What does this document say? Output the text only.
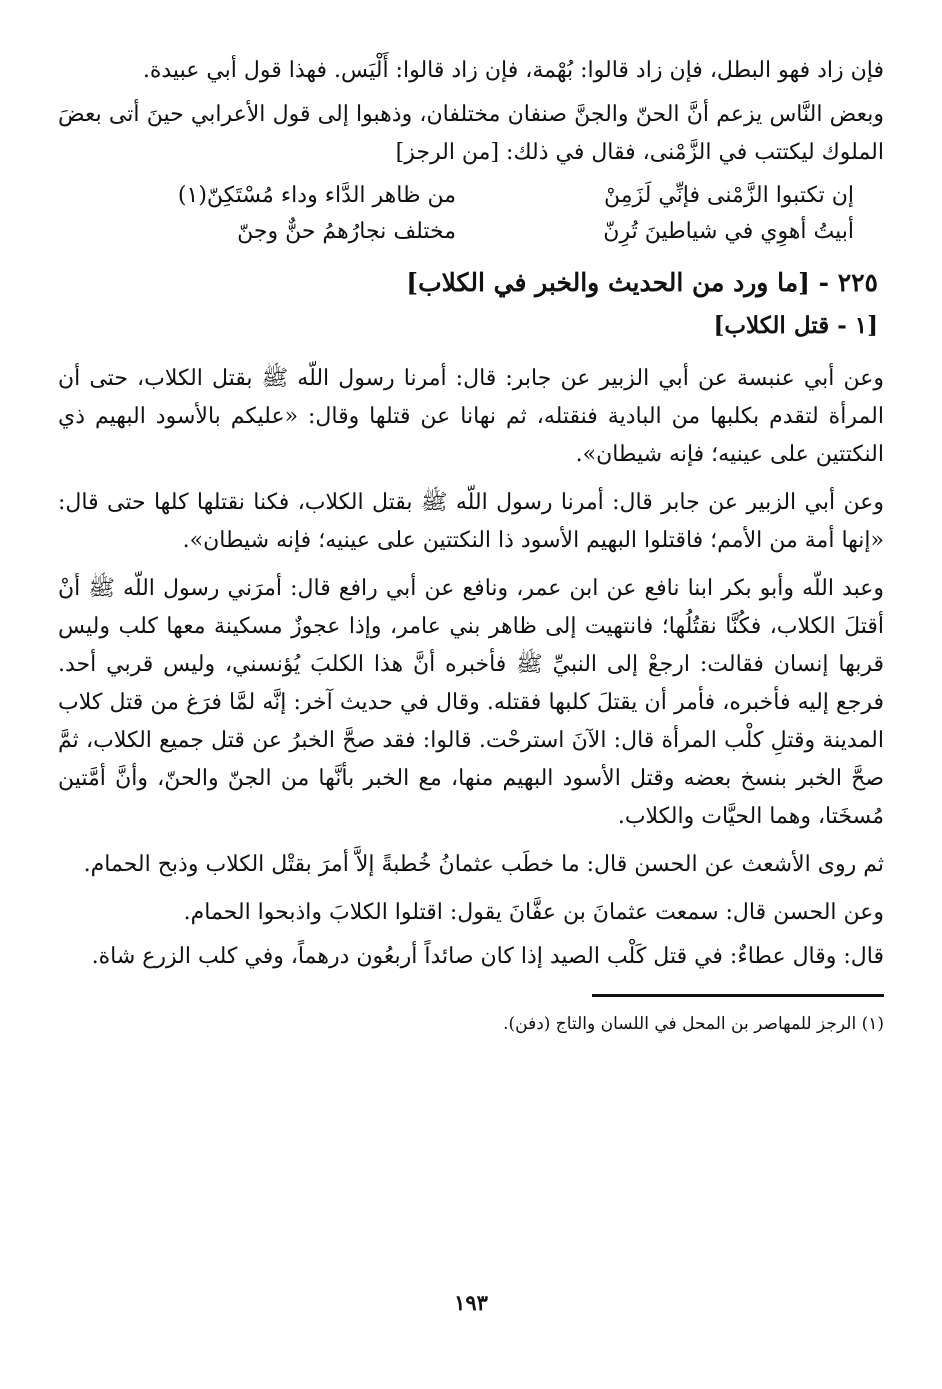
فإن زاد فهو البطل، فإن زاد قالوا: بُهْمة، فإن زاد قالوا: أَلْيَس. فهذا قول أبي عبيدة.

وبعض النَّاس يزعم أنَّ الحنّ والجنَّ صنفان مختلفان، وذهبوا إلى قول الأعرابي حينَ أتى بعضَ الملوك ليكتتب في الزَّمْنى، فقال في ذلك: [من الرجز]

إن تكتبوا الزَّمْنى فإنِّي لَزَمِنْ
من ظاهر الدَّاء وداء مُسْتَكِنّ(١)
أبيتُ أهوِي في شياطينَ تُرِنّ
مختلف نجارُهمُ حنٌّ وجنّ
٢٢٥ - [ما ورد من الحديث والخبر في الكلاب]
[١ - قتل الكلاب]

وعن أبي عنبسة عن أبي الزبير عن جابر: قال: أمرنا رسول اللّه ﷺ بقتل الكلاب، حتى أن المرأة لتقدم بكلبها من البادية فنقتله، ثم نهانا عن قتلها وقال: «عليكم بالأسود البهيم ذي النكتتين على عينيه؛ فإنه شيطان».

وعن أبي الزبير عن جابر قال: أمرنا رسول اللّه ﷺ بقتل الكلاب، فكنا نقتلها كلها حتى قال: «إنها أمة من الأمم؛ فاقتلوا البهيم الأسود ذا النكتتين على عينيه؛ فإنه شيطان».

وعبد اللّه وأبو بكر ابنا نافع عن ابن عمر، ونافع عن أبي رافع قال: أمرَني رسول اللّه ﷺ أنْ أقتلَ الكلاب، فكُنَّا نقتُلُها؛ فانتهيت إلى ظاهر بني عامر، وإذا عجوزٌ مسكينة معها كلب وليس قربها إنسان فقالت: ارجعْ إلى النبيِّ ﷺ فأخبره أنَّ هذا الكلبَ يُؤنسني، وليس قربي أحد. فرجع إليه فأخبره، فأمر أن يقتلَ كلبها فقتله. وقال في حديث آخر: إنَّه لمَّا فرَغ من قتل كلاب المدينة وقتلِ كلْب المرأة قال: الآنَ استرحْت. قالوا: فقد صحَّ الخبرُ عن قتل جميع الكلاب، ثمَّ صحَّ الخبر بنسخ بعضه وقتل الأسود البهيم منها، مع الخبر بأنَّها من الجنّ والحنّ، وأنَّ أمَّتين مُسخَتا، وهما الحيَّات والكلاب.

ثم روى الأشعث عن الحسن قال: ما خطَب عثمانُ خُطبةً إلاَّ أمرَ بقتْل الكلاب وذبح الحمام.

وعن الحسن قال: سمعت عثمانَ بن عفَّانَ يقول: اقتلوا الكلابَ واذبحوا الحمام.

قال: وقال عطاءٌ: في قتل كَلْب الصيد إذا كان صائداً أربعُون درهماً، وفي كلب الزرع شاة.

(١) الرجز للمهاصر بن المحل في اللسان والتاج (دفن).
١٩٣
